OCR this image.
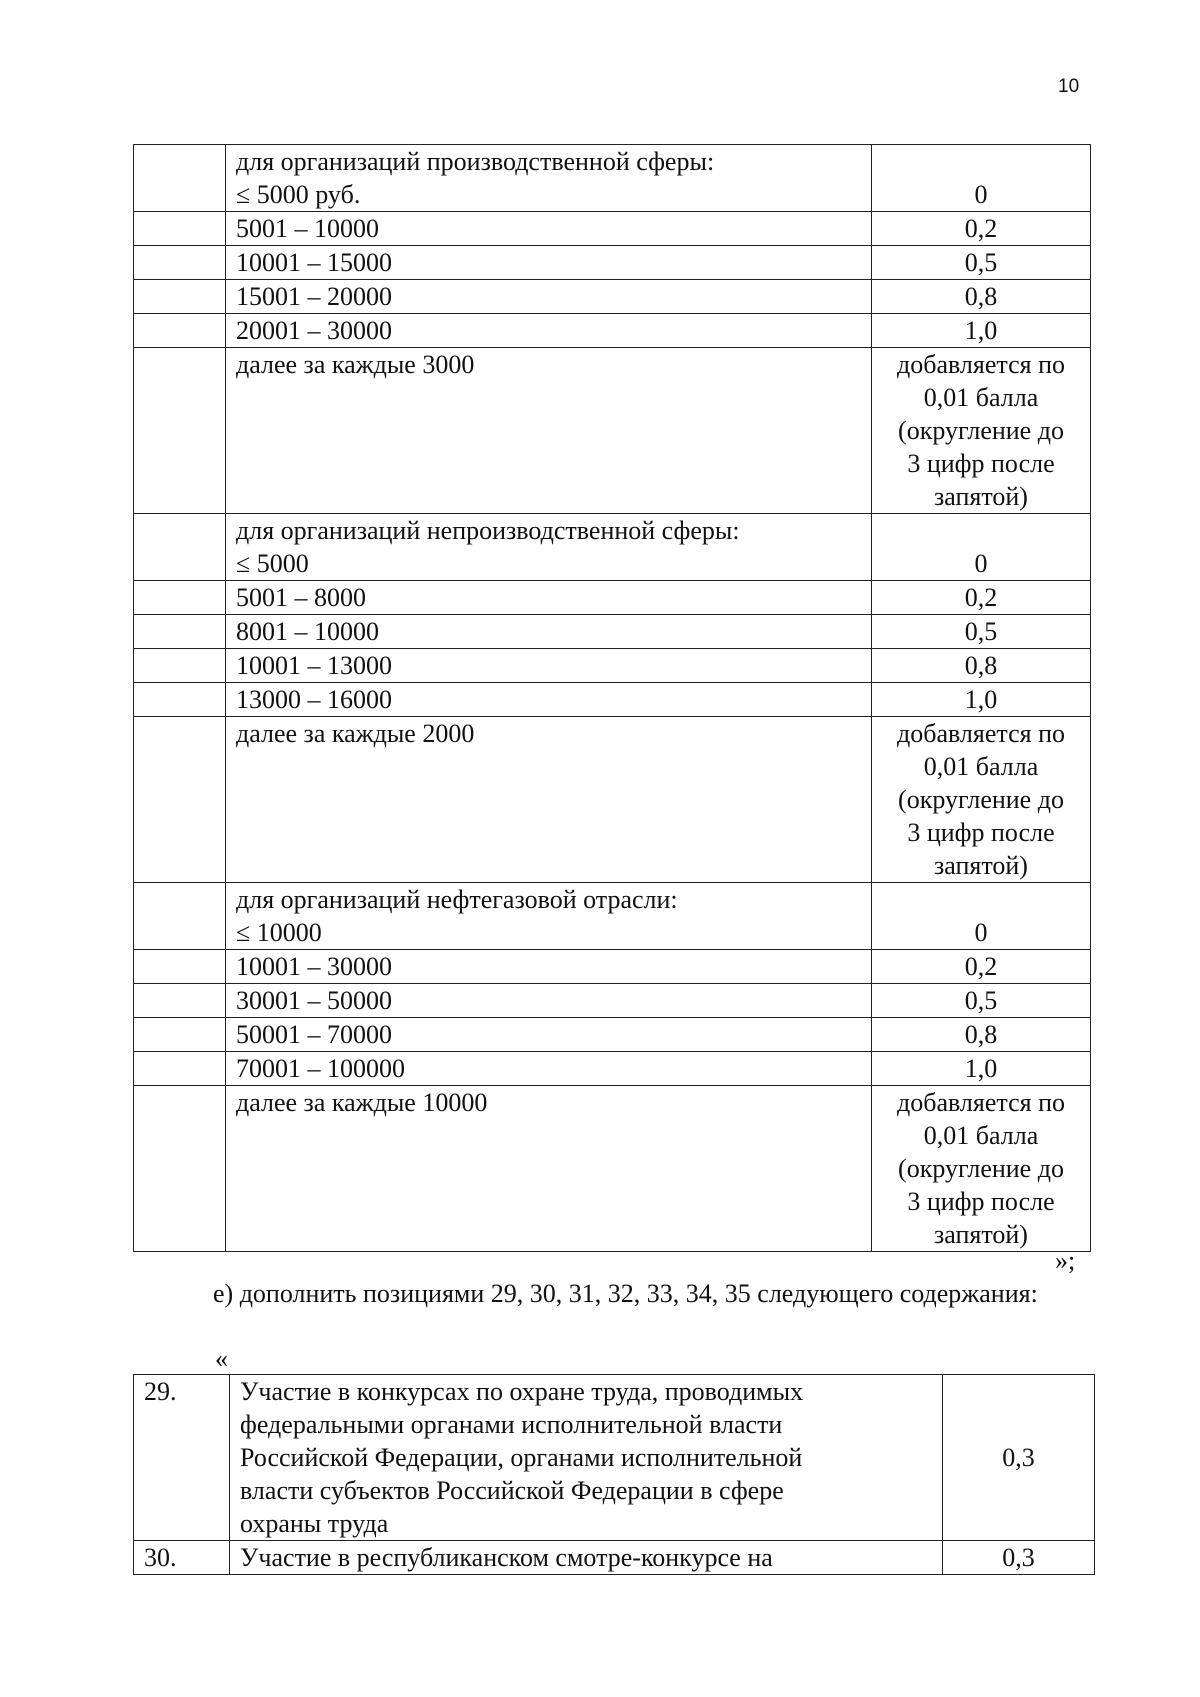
10

	для организаций производственной сферы:
≤ 5000 руб.	0

	5001 – 10000	0,2

	10001 – 15000	0,5

	15001 – 20000	0,8

	20001 – 30000	1,0

	далее за каждые 3000	добавляется по
0,01 балла
(округление до
3 цифр после
запятой)

	для организаций непроизводственной сферы:
≤ 5000	0

	5001 – 8000	0,2

	8001 – 10000	0,5

	10001 – 13000	0,8

	13000 – 16000	1,0

	далее за каждые 2000	добавляется по
0,01 балла
(округление до
3 цифр после
запятой)

	для организаций нефтегазовой отрасли:
≤ 10000	0

	10001 – 30000	0,2

	30001 – 50000	0,5

	50001 – 70000	0,8

	70001 – 100000	1,0

	далее за каждые 10000	добавляется по
0,01 балла
(округление до
3 цифр после
запятой)
»;
е) дополнить позициями 29, 30, 31, 32, 33, 34, 35 следующего содержания:
«
29.	Участие в конкурсах по охране труда, проводимых
федеральными органами исполнительной власти
Российской Федерации, органами исполнительной
власти субъектов Российской Федерации в сфере
охраны труда	0,3
30.	Участие в республиканском смотре-конкурсе на	0,3
